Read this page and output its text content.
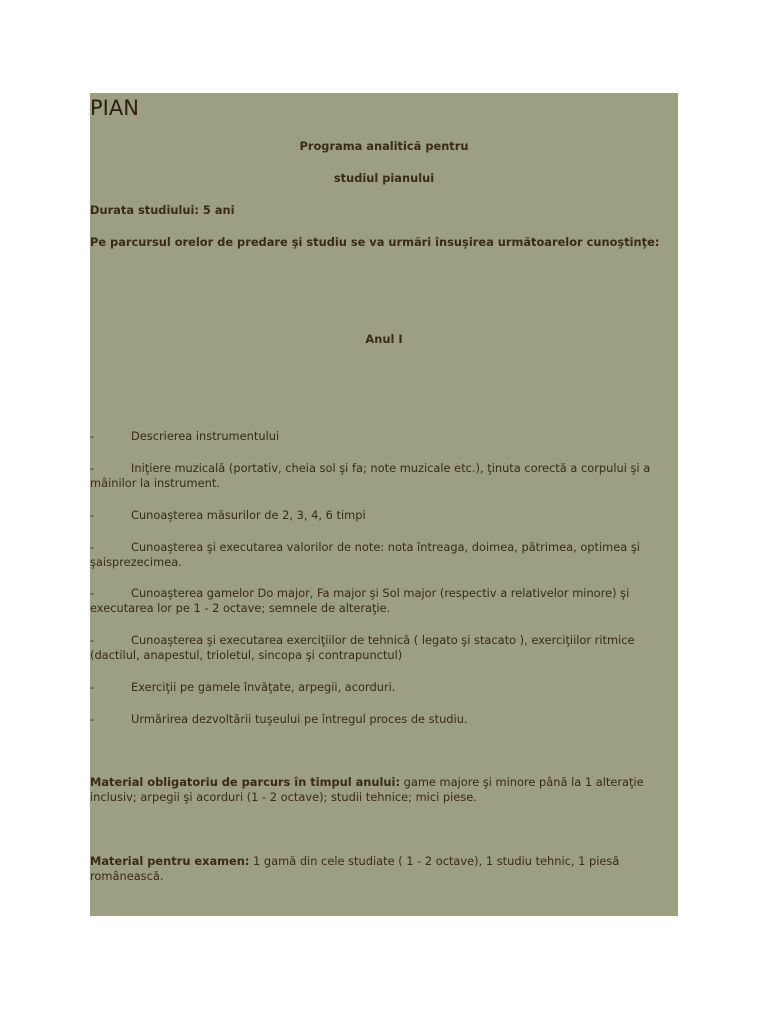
PIAN
Programa analitică pentru
studiul pianului
Durata studiului: 5 ani
Pe parcursul orelor de predare şi studiu se va urmări însuşirea următoarelor cunoştinţe:
Anul I
-	Descrierea instrumentului
-	Iniţiere muzicală (portativ, cheia sol şi fa; note muzicale etc.), ţinuta corectă a corpului şi a mâinilor la instrument.
-	Cunoaşterea măsurilor de 2, 3, 4, 6 timpi
-	Cunoaşterea şi executarea valorilor de note: nota întreaga, doimea, pătrimea, optimea şi şaisprezecimea.
-	Cunoaşterea gamelor Do major, Fa major şi Sol major (respectiv a relativelor minore) şi executarea lor pe 1 - 2 octave; semnele de alteraţie.
-	Cunoaşterea şi executarea exerciţiilor de tehnică ( legato şi stacato ), exerciţiilor ritmice (dactilul, anapestul, trioletul, sincopa şi contrapunctul)
-	Exerciţii pe gamele învăţate, arpegii, acorduri.
-	Urmărirea dezvoltării tuşeului pe întregul proces de studiu.
Material obligatoriu de parcurs în timpul anului: game majore şi minore până la 1 alteraţie inclusiv; arpegii şi acorduri (1 - 2 octave); studii tehnice; mici piese.
Material pentru examen: 1 gamă din cele studiate ( 1 - 2 octave), 1 studiu tehnic, 1 piesă românească.
